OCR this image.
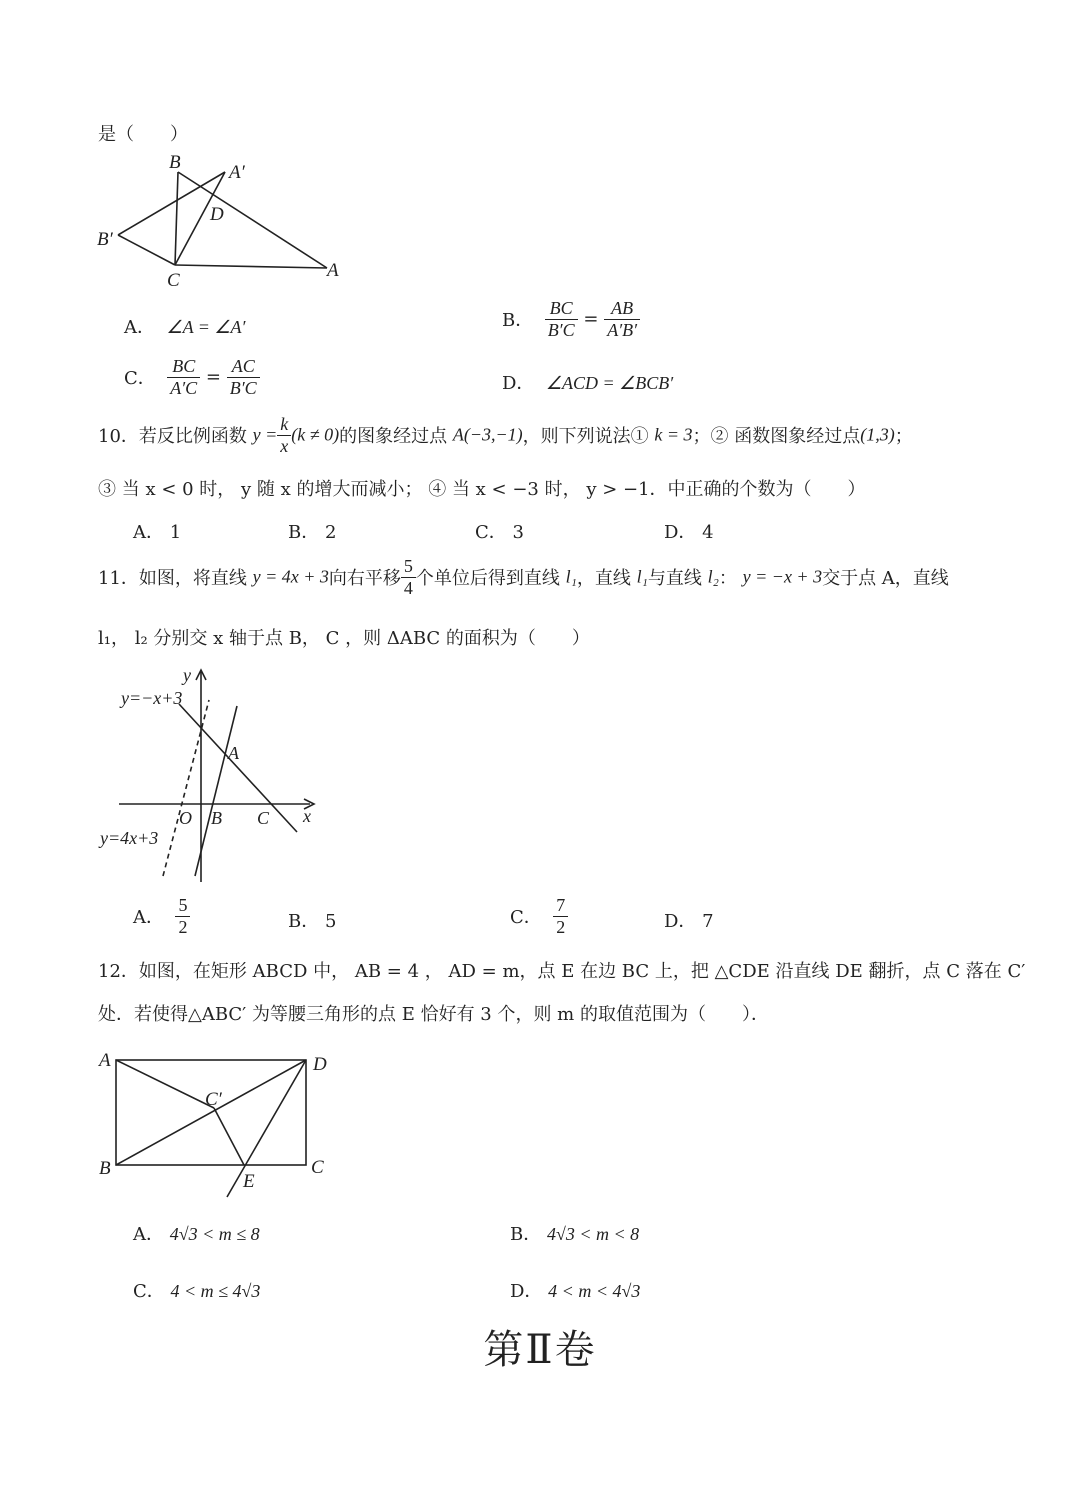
是（　　）
B	A′
D
B′
C	A
A． ∠A = ∠A′	B． $\frac{BC}{B'C} = \frac{AB}{A'B'}$
C． $\frac{BC}{A'C} = \frac{AC}{B'C}$	D． ∠ACD = ∠BCB′
10．若反比例函数 $y = \frac{k}{x} (k \ne 0)$的图象经过点 A(−3,−1)，则下列说法① k = 3；② 函数图象经过点(1,3)；
③ 当 x < 0 时， y 随 x 的增大而减小； ④ 当 x < −3 时， y > −1．中正确的个数为（　　）
A． 1	B． 2	C． 3	D． 4
11．如图，将直线 y = 4x + 3向右平移 $\frac{5}{4}$ 个单位后得到直线 l₁，直线 l₁与直线 l₂： y = −x + 3交于点 A，直线
l₁， l₂ 分别交 x 轴于点 B， C ，则 ΔABC 的面积为（　　）
y
y=−x+3
A
O B C x
y=4x+3
A． $\frac{5}{2}$	B． 5	C． $\frac{7}{2}$	D． 7
12．如图，在矩形 ABCD 中， AB = 4 ， AD = m，点 E 在边 BC 上，把 △CDE 沿直线 DE 翻折，点 C 落在 C′
处．若使得△ABC′ 为等腰三角形的点 E 恰好有 3 个，则 m 的取值范围为（　　）．
A	D
C′
B
E
C
A． 4√3 < m ≤ 8	B． 4√3 < m < 8
C． 4 < m ≤ 4√3	D． 4 < m < 4√3
第Ⅱ卷
